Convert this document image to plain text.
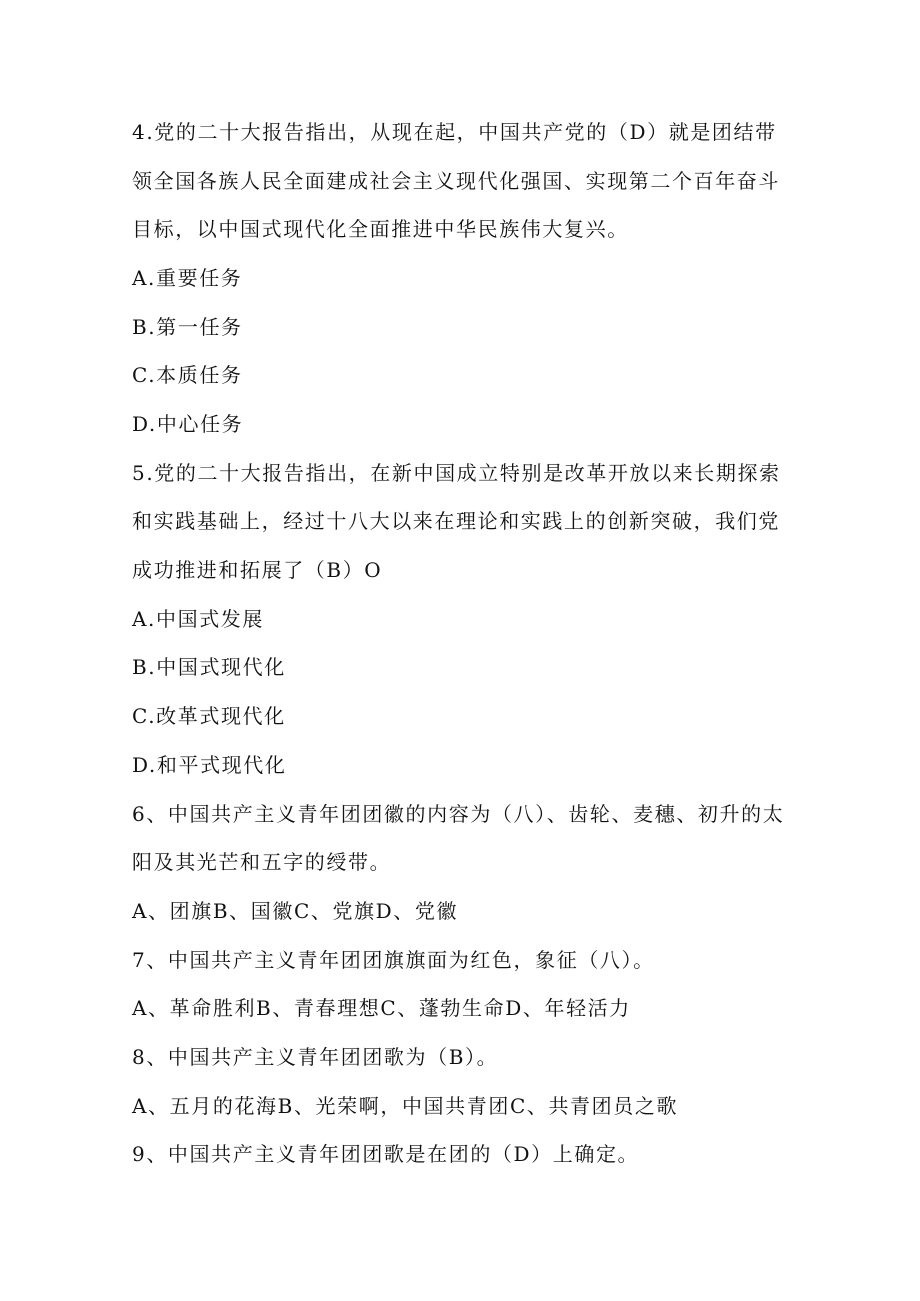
4.党的二十大报告指出，从现在起，中国共产党的（D）就是团结带
领全国各族人民全面建成社会主义现代化强国、实现第二个百年奋斗
目标，以中国式现代化全面推进中华民族伟大复兴。
A.重要任务
B.第一任务
C.本质任务
D.中心任务
5.党的二十大报告指出，在新中国成立特别是改革开放以来长期探索
和实践基础上，经过十八大以来在理论和实践上的创新突破，我们党
成功推进和拓展了（B）O
A.中国式发展
B.中国式现代化
C.改革式现代化
D.和平式现代化
6、中国共产主义青年团团徽的内容为（八）、齿轮、麦穗、初升的太
阳及其光芒和五字的绶带。
A、团旗B、国徽C、党旗D、党徽
7、中国共产主义青年团团旗旗面为红色，象征（八）。
A、革命胜利B、青春理想C、蓬勃生命D、年轻活力
8、中国共产主义青年团团歌为（B）。
A、五月的花海B、光荣啊，中国共青团C、共青团员之歌
9、中国共产主义青年团团歌是在团的（D）上确定。
